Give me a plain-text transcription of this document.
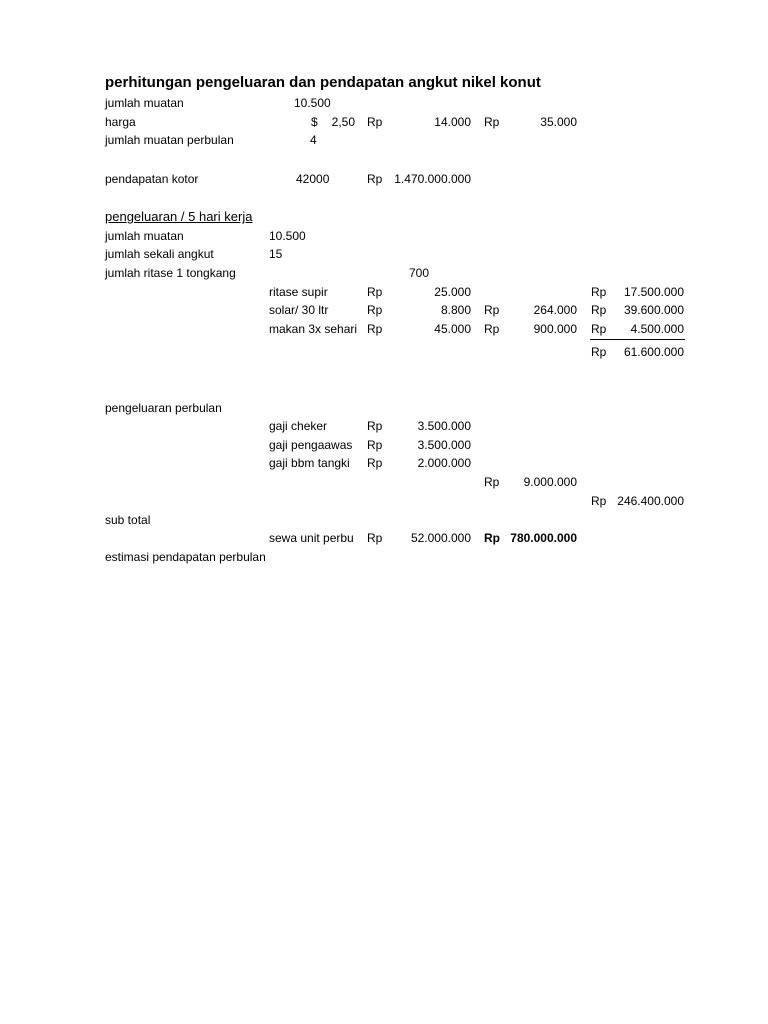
perhitungan pengeluaran dan pendapatan angkut nikel konut
jumlah muatan	10.500
harga	$	2,50 Rp	14.000 Rp	35.000
jumlah muatan perbulan	4
pendapatan kotor	42000	Rp 1.470.000.000
pengeluaran / 5 hari kerja
jumlah muatan	10.500
jumlah sekali angkut	15
jumlah ritase 1 tongkang	700
ritase supir	Rp	25.000	Rp	17.500.000
solar/ 30 ltr	Rp	8.800 Rp	264.000 Rp	39.600.000
makan 3x sehari Rp	45.000 Rp	900.000 Rp	4.500.000
Rp	61.600.000
pengeluaran perbulan
gaji cheker	Rp	3.500.000
gaji pengaawas Rp	3.500.000
gaji bbm tangki Rp	2.000.000
Rp	9.000.000
Rp 246.400.000
sub total
sewa unit perbu Rp	52.000.000 Rp 780.000.000
estimasi pendapatan perbulan
